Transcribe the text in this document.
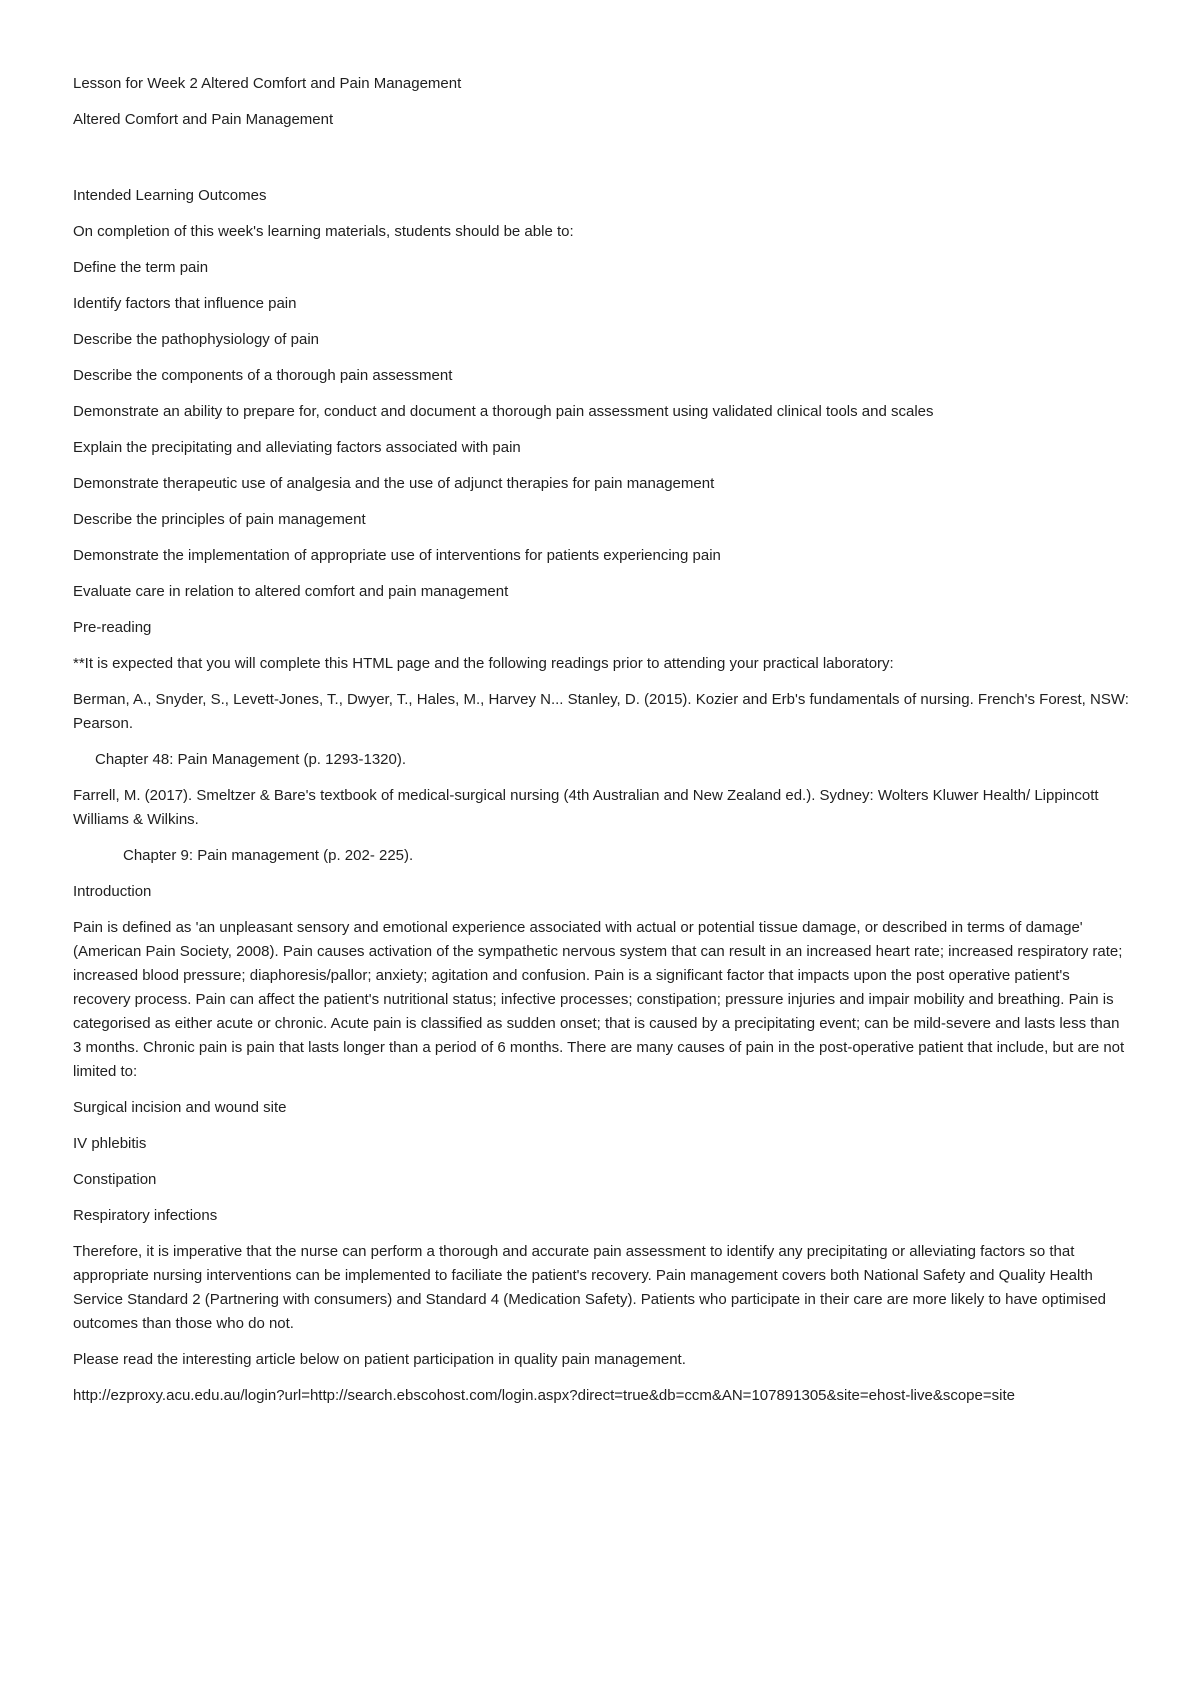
Lesson for Week 2 Altered Comfort and Pain Management

Altered Comfort and Pain Management

Intended Learning Outcomes

On completion of this week's learning materials, students should be able to:

Define the term pain

Identify factors that influence pain

Describe the pathophysiology of pain

Describe the components of a thorough pain assessment

Demonstrate an ability to prepare for, conduct and document a thorough pain assessment using validated clinical tools and scales

Explain the precipitating and alleviating factors associated with pain

Demonstrate therapeutic use of analgesia and the use of adjunct therapies for pain management

Describe the principles of pain management

Demonstrate the implementation of appropriate use of interventions for patients experiencing pain

Evaluate care in relation to altered comfort and pain management

Pre-reading

**It is expected that you will complete this HTML page and the following readings prior to attending your practical laboratory:

Berman, A., Snyder, S., Levett-Jones, T., Dwyer, T., Hales, M., Harvey N... Stanley, D. (2015). Kozier and Erb's fundamentals of nursing. French's Forest, NSW: Pearson.

Chapter 48: Pain Management (p. 1293-1320).

Farrell, M. (2017). Smeltzer & Bare's textbook of medical-surgical nursing (4th Australian and New Zealand ed.). Sydney: Wolters Kluwer Health/ Lippincott Williams & Wilkins.

Chapter 9: Pain management (p. 202- 225).

Introduction

Pain is defined as 'an unpleasant sensory and emotional experience associated with actual or potential tissue damage, or described in terms of damage' (American Pain Society, 2008). Pain causes activation of the sympathetic nervous system that can result in an increased heart rate; increased respiratory rate; increased blood pressure; diaphoresis/pallor; anxiety; agitation and confusion. Pain is a significant factor that impacts upon the post operative patient's recovery process. Pain can affect the patient's nutritional status; infective processes; constipation; pressure injuries and impair mobility and breathing. Pain is categorised as either acute or chronic. Acute pain is classified as sudden onset; that is caused by a precipitating event; can be mild-severe and lasts less than 3 months. Chronic pain is pain that lasts longer than a period of 6 months. There are many causes of pain in the post-operative patient that include, but are not limited to:

Surgical incision and wound site

IV phlebitis

Constipation

Respiratory infections

Therefore, it is imperative that the nurse can perform a thorough and accurate pain assessment to identify any precipitating or alleviating factors so that appropriate nursing interventions can be implemented to faciliate the patient's recovery. Pain management covers both National Safety and Quality Health Service Standard 2 (Partnering with consumers) and Standard 4 (Medication Safety). Patients who participate in their care are more likely to have optimised outcomes than those who do not.

Please read the interesting article below on patient participation in quality pain management.

http://ezproxy.acu.edu.au/login?url=http://search.ebscohost.com/login.aspx?direct=true&db=ccm&AN=107891305&site=ehost-live&scope=site
